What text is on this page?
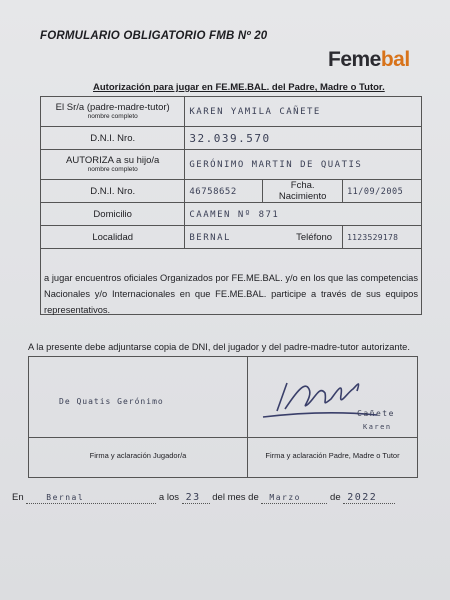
FORMULARIO OBLIGATORIO FMB Nº 20
Femebal
Autorización para jugar en FE.ME.BAL. del Padre, Madre o Tutor.
El Sr/a (padre-madre-tutor)
nombre completo	KAREN YAMILA CAÑETE		
D.N.I. Nro.	32.039.570		
AUTORIZA a su hijo/a
nombre completo	GERÓNIMO MARTIN DE QUATIS		
D.N.I. Nro.	46758652	Fcha. Nacimiento	11/09/2005
Domicilio	CAAMEN Nº 871		
Localidad	BERNAL Teléfono		1123529178

a jugar encuentros oficiales Organizados por FE.ME.BAL. y/o en los que las competencias Nacionales y/o Internacionales en que FE.ME.BAL. participe a través de sus equipos representativos.
A la presente debe adjuntarse copia de DNI, del jugador y del padre-madre-tutor autorizante.
De Quatis Gerónimo
Cañete
Karen
Firma y aclaración Jugador/a	Firma y aclaración Padre, Madre o Tutor
En	Bernal	a los 23 del mes de Marzo	de 2022
